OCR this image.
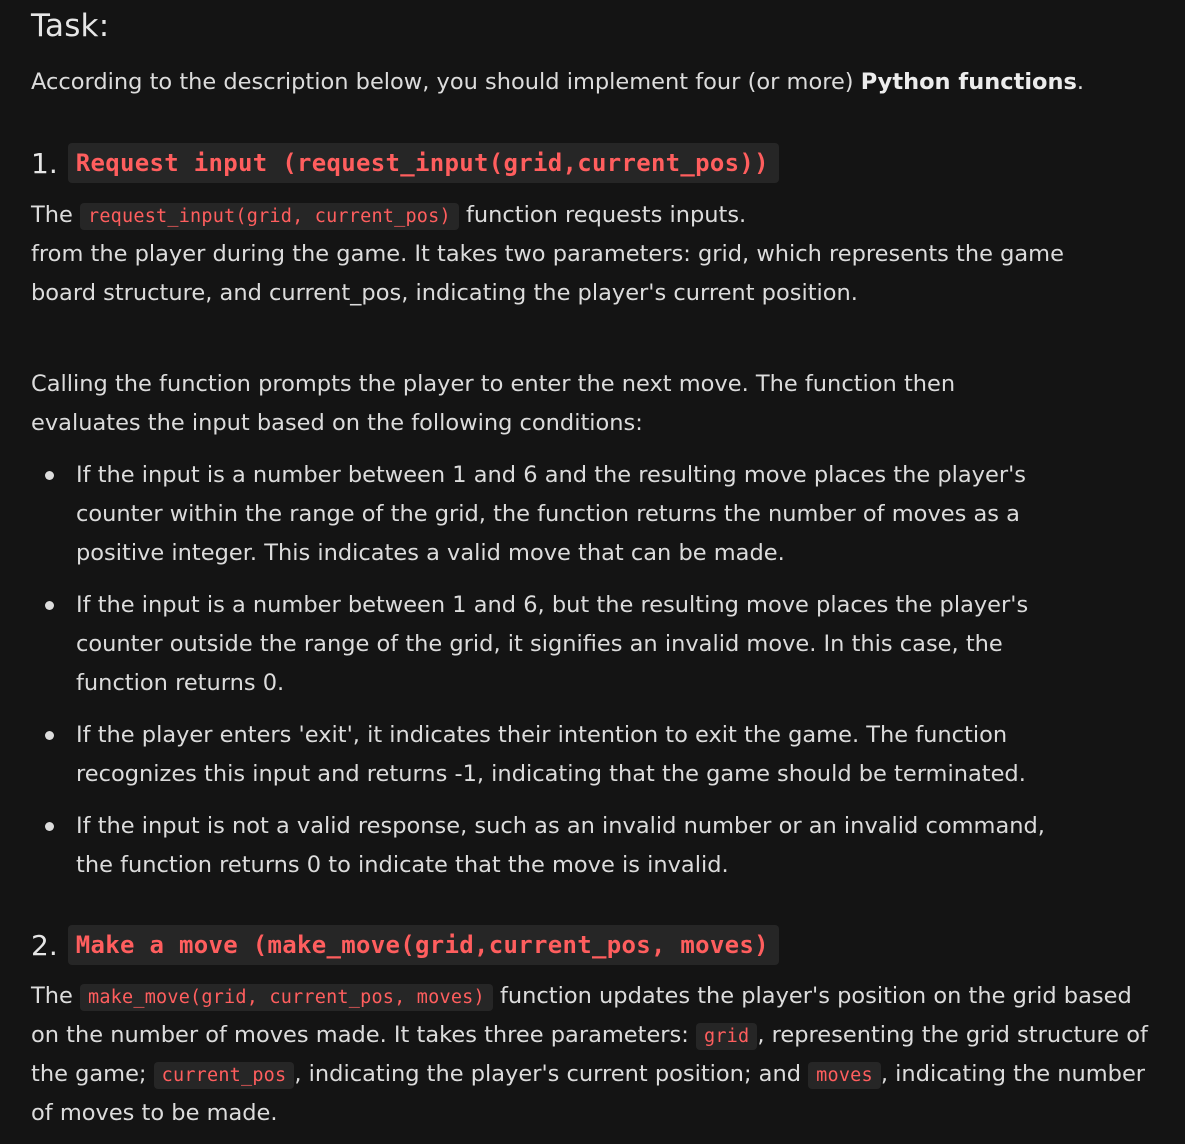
Task:
According to the description below, you should implement four (or more) Python functions.
1. Request input (request_input(grid,current_pos))
The request_input(grid, current_pos) function requests inputs.
from the player during the game. It takes two parameters: grid, which represents the game
board structure, and current_pos, indicating the player's current position.
Calling the function prompts the player to enter the next move. The function then
evaluates the input based on the following conditions:
If the input is a number between 1 and 6 and the resulting move places the player's
counter within the range of the grid, the function returns the number of moves as a
positive integer. This indicates a valid move that can be made.
If the input is a number between 1 and 6, but the resulting move places the player's
counter outside the range of the grid, it signifies an invalid move. In this case, the
function returns 0.
If the player enters 'exit', it indicates their intention to exit the game. The function
recognizes this input and returns -1, indicating that the game should be terminated.
If the input is not a valid response, such as an invalid number or an invalid command,
the function returns 0 to indicate that the move is invalid.
2. Make a move (make_move(grid,current_pos, moves)
The make_move(grid, current_pos, moves) function updates the player's position on the grid based
on the number of moves made. It takes three parameters: grid , representing the grid structure of
the game; current_pos , indicating the player's current position; and moves , indicating the number
of moves to be made.
